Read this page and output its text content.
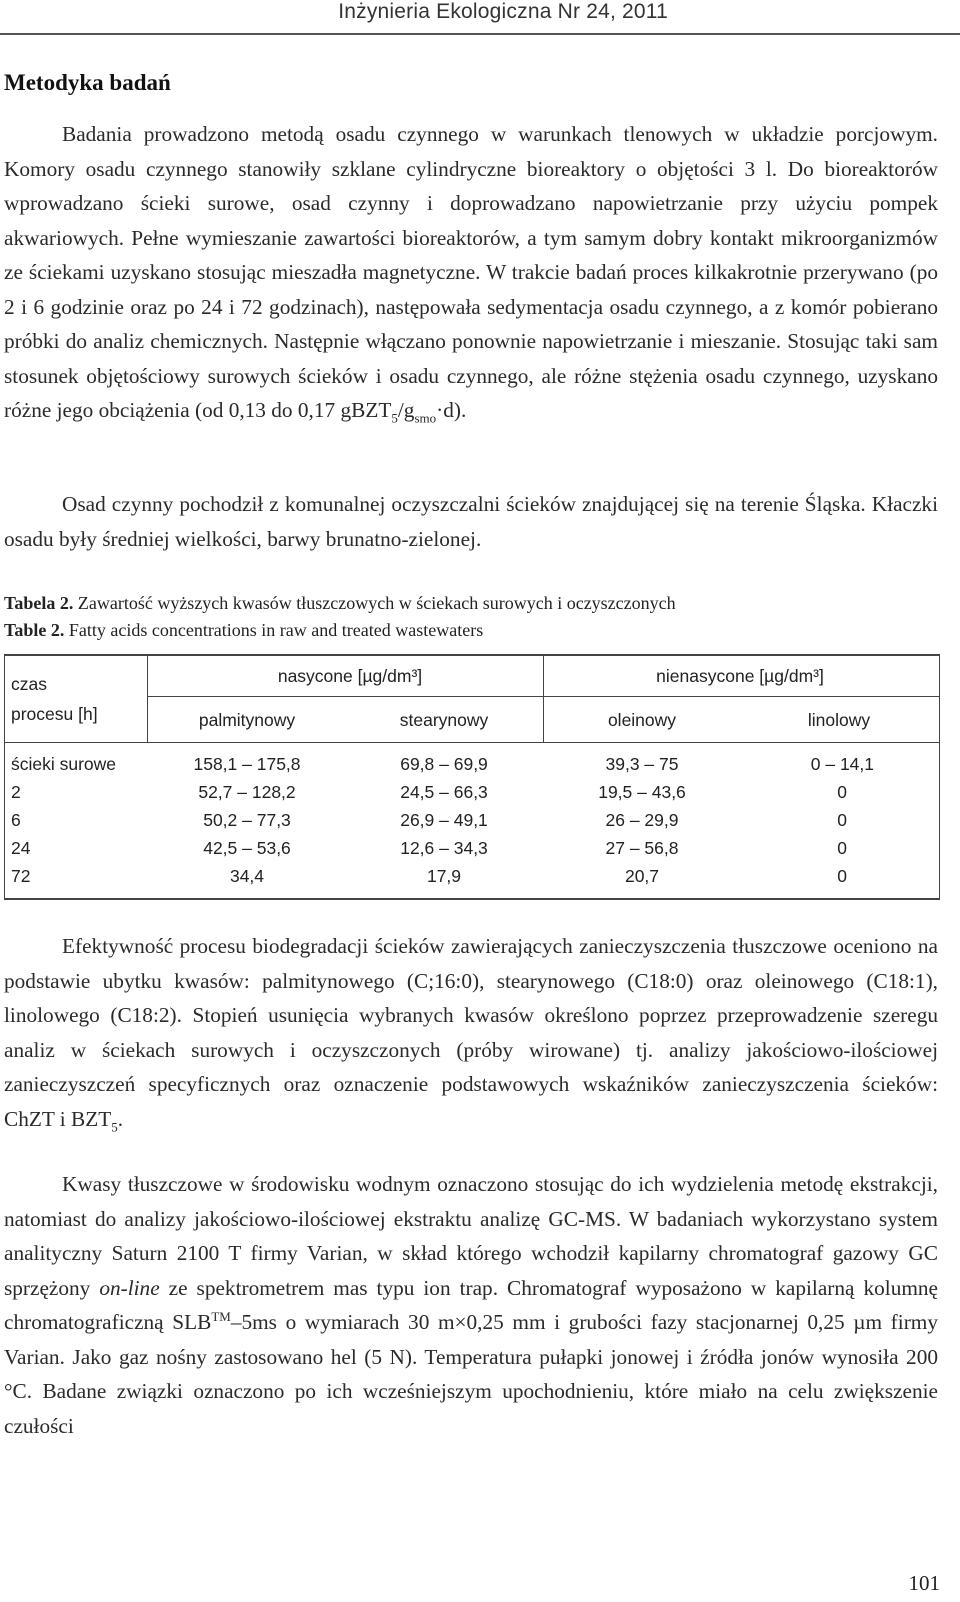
Inżynieria Ekologiczna Nr 24, 2011
Metodyka badań

Badania prowadzono metodą osadu czynnego w warunkach tlenowych w układzie porcjowym. Komory osadu czynnego stanowiły szklane cylindryczne bioreaktory o objętości 3 l. Do bioreaktorów wprowadzano ścieki surowe, osad czynny i doprowadzano napowietrzanie przy użyciu pompek akwariowych. Pełne wymieszanie zawartości bioreaktorów, a tym samym dobry kontakt mikroorganizmów ze ściekami uzyskano stosując mieszadła magnetyczne. W trakcie badań proces kilkakrotnie przerywano (po 2 i 6 godzinie oraz po 24 i 72 godzinach), następowała sedymentacja osadu czynnego, a z komór pobierano próbki do analiz chemicznych. Następnie włączano ponownie napowietrzanie i mieszanie. Stosując taki sam stosunek objętościowy surowych ścieków i osadu czynnego, ale różne stężenia osadu czynnego, uzyskano różne jego obciążenia (od 0,13 do 0,17 $gBZT_5/g_{smo}\cdot d$).

Osad czynny pochodził z komunalnej oczyszczalni ścieków znajdującej się na terenie Śląska. Kłaczki osadu były średniej wielkości, barwy brunatno-zielonej.

Tabela 2. Zawartość wyższych kwasów tłuszczowych w ściekach surowych i oczyszczonych
Table 2. Fatty acids concentrations in raw and treated wastewaters
czas
procesu [h]
nasycone [µg/dm³]	nienasycone [µg/dm³]
palmitynowy	stearynowy	oleinowy	linolowy
ścieki surowe	158,1 – 175,8	69,8 – 69,9	39,3 – 75	0 – 14,1
2	52,7 – 128,2	24,5 – 66,3	19,5 – 43,6	0
6	50,2 – 77,3	26,9 – 49,1	26 – 29,9	0
24	42,5 – 53,6	12,6 – 34,3	27 – 56,8	0
72	34,4	17,9	20,7	0

Efektywność procesu biodegradacji ścieków zawierających zanieczyszczenia tłuszczowe oceniono na podstawie ubytku kwasów: palmitynowego (C;16:0), stearynowego (C18:0) oraz oleinowego (C18:1), linolowego (C18:2). Stopień usunięcia wybranych kwasów określono poprzez przeprowadzenie szeregu analiz w ściekach surowych i oczyszczonych (próby wirowane) tj. analizy jakościowo-ilościowej zanieczyszczeń specyficznych oraz oznaczenie podstawowych wskaźników zanieczyszczenia ścieków: ChZT i $BZT_5$.

Kwasy tłuszczowe w środowisku wodnym oznaczono stosując do ich wydzielenia metodę ekstrakcji, natomiast do analizy jakościowo-ilościowej ekstraktu analizę GC-MS. W badaniach wykorzystano system analityczny Saturn 2100 T firmy Varian, w skład którego wchodził kapilarny chromatograf gazowy GC sprzężony on-line ze spektrometrem mas typu ion trap. Chromatograf wyposażono w kapilarną kolumnę chromatograficzną SLB™–5ms o wymiarach 30 m×0,25 mm i grubości fazy stacjonarnej 0,25 µm firmy Varian. Jako gaz nośny zastosowano hel (5 N). Temperatura pułapki jonowej i źródła jonów wynosiła 200 °C. Badane związki oznaczono po ich wcześniejszym upochodnieniu, które miało na celu zwiększenie czułości

101
